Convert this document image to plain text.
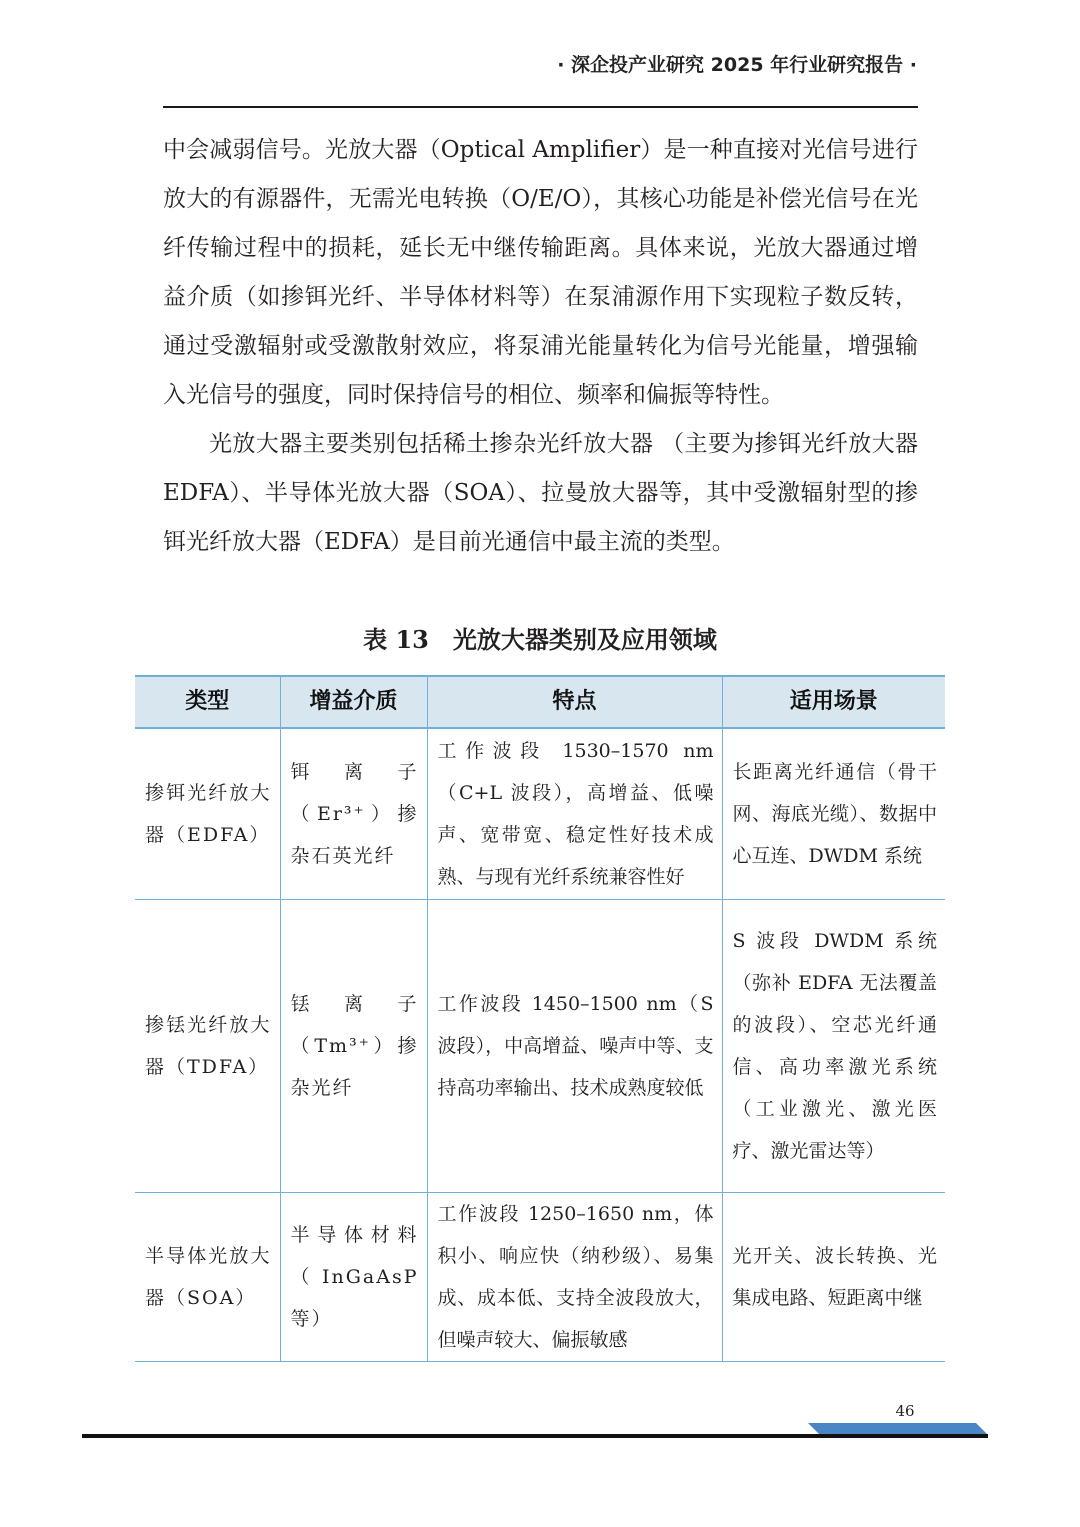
· 深企投产业研究 2025 年行业研究报告 ·

中会减弱信号。光放大器（Optical Amplifier）是一种直接对光信号进行放大的有源器件，无需光电转换（O/E/O），其核心功能是补偿光信号在光纤传输过程中的损耗，延长无中继传输距离。具体来说，光放大器通过增益介质（如掺铒光纤、半导体材料等）在泵浦源作用下实现粒子数反转，通过受激辐射或受激散射效应，将泵浦光能量转化为信号光能量，增强输入光信号的强度，同时保持信号的相位、频率和偏振等特性。

光放大器主要类别包括稀土掺杂光纤放大器 （主要为掺铒光纤放大器 EDFA）、半导体光放大器（SOA）、拉曼放大器等，其中受激辐射型的掺铒光纤放大器（EDFA）是目前光通信中最主流的类型。

表 13　光放大器类别及应用领域
类型	增益介质	特点	适用场景
掺铒光纤放大器（EDFA）	铒离子（Er³⁺）掺杂石英光纤	工作波段 1530–1570 nm（C+L 波段），高增益、低噪声、宽带宽、稳定性好技术成熟、与现有光纤系统兼容性好	长距离光纤通信（骨干网、海底光缆）、数据中心互连、DWDM 系统
掺铥光纤放大器（TDFA）	铥离子（Tm³⁺）掺杂光纤	工作波段 1450–1500 nm（S 波段），中高增益、噪声中等、支持高功率输出、技术成熟度较低	S 波段 DWDM 系统（弥补 EDFA 无法覆盖的波段）、空芯光纤通信、高功率激光系统（工业激光、激光医疗、激光雷达等）
半导体光放大器（SOA）	半导体材料（InGaAsP 等）	工作波段 1250–1650 nm，体积小、响应快（纳秒级）、易集成、成本低、支持全波段放大，但噪声较大、偏振敏感	光开关、波长转换、光集成电路、短距离中继
46
